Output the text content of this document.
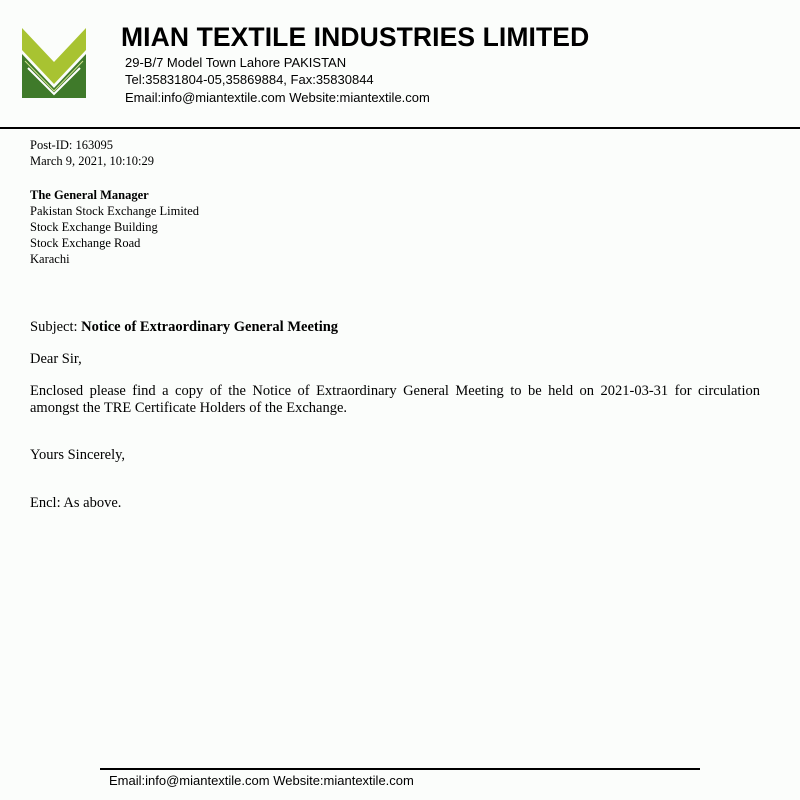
MIAN TEXTILE INDUSTRIES LIMITED
29-B/7 Model Town Lahore PAKISTAN
Tel:35831804-05,35869884, Fax:35830844
Email:info@miantextile.com Website:miantextile.com
Post-ID: 163095
March 9, 2021, 10:10:29
The General Manager
Pakistan Stock Exchange Limited
Stock Exchange Building
Stock Exchange Road
Karachi
Subject: Notice of Extraordinary General Meeting
Dear Sir,
Enclosed please find a copy of the Notice of Extraordinary General Meeting to be held on 2021-03-31 for circulation amongst the TRE Certificate Holders of the Exchange.
Yours Sincerely,
Encl: As above.
Email:info@miantextile.com Website:miantextile.com
